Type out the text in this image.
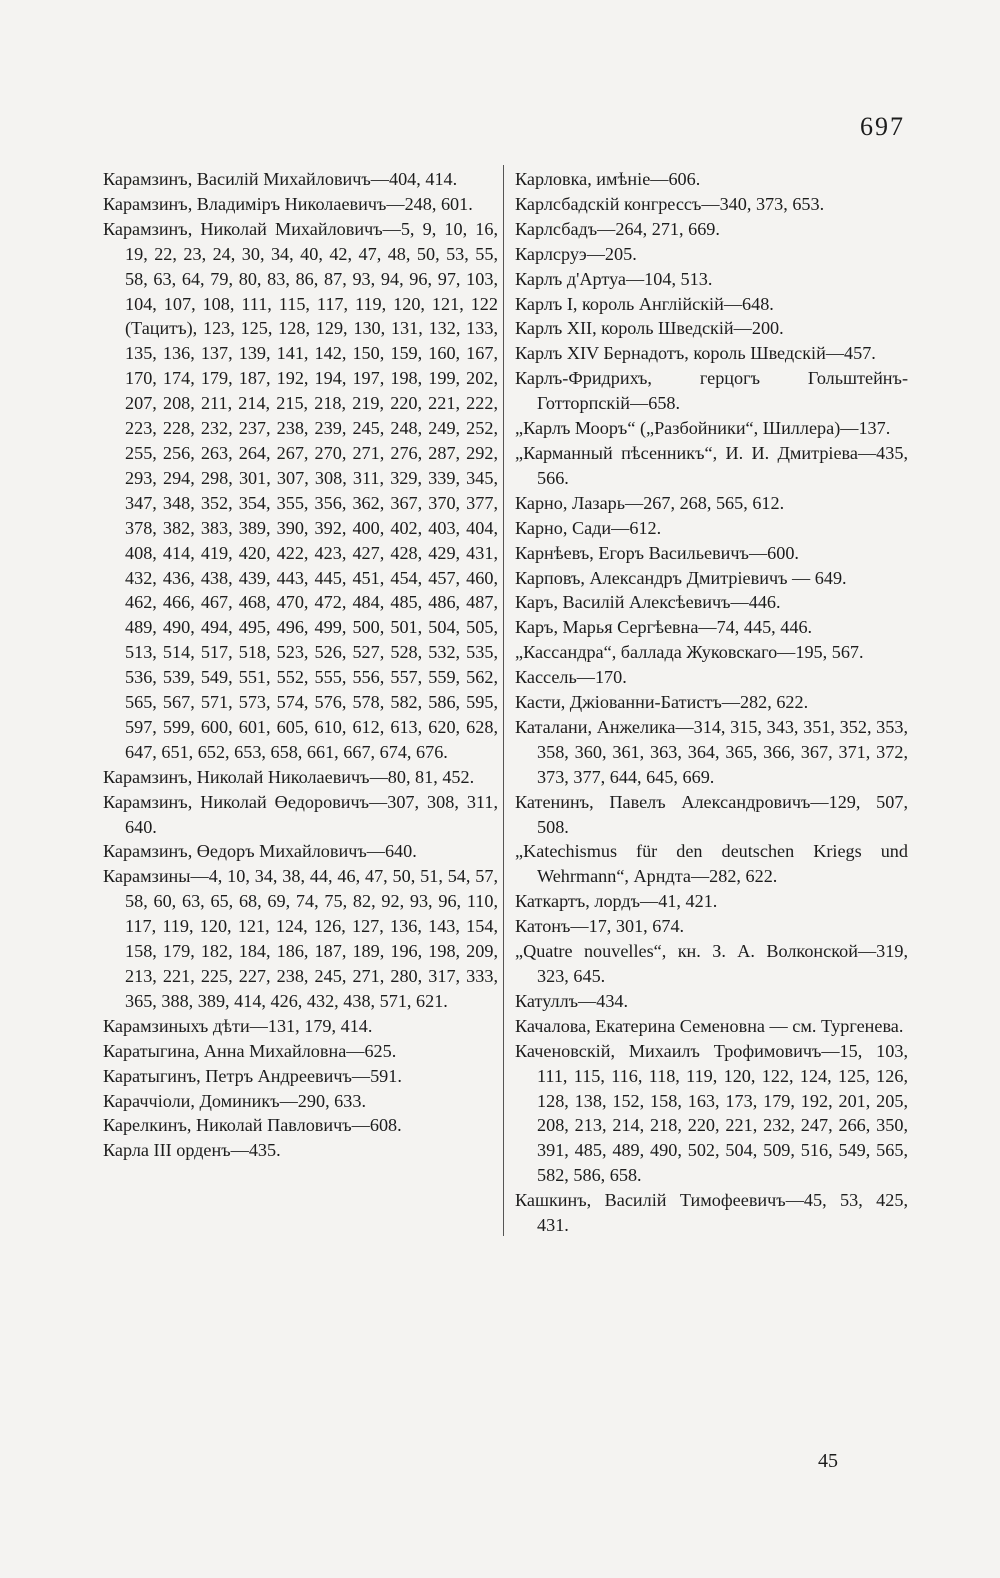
697

Карамзинъ, Василій Михайловичъ—404, 414.

Карамзинъ, Владиміръ Николаевичъ—248, 601.

Карамзинъ, Николай Михайловичъ—5, 9, 10, 16, 19, 22, 23, 24, 30, 34, 40, 42, 47, 48, 50, 53, 55, 58, 63, 64, 79, 80, 83, 86, 87, 93, 94, 96, 97, 103, 104, 107, 108, 111, 115, 117, 119, 120, 121, 122 (Тацитъ), 123, 125, 128, 129, 130, 131, 132, 133, 135, 136, 137, 139, 141, 142, 150, 159, 160, 167, 170, 174, 179, 187, 192, 194, 197, 198, 199, 202, 207, 208, 211, 214, 215, 218, 219, 220, 221, 222, 223, 228, 232, 237, 238, 239, 245, 248, 249, 252, 255, 256, 263, 264, 267, 270, 271, 276, 287, 292, 293, 294, 298, 301, 307, 308, 311, 329, 339, 345, 347, 348, 352, 354, 355, 356, 362, 367, 370, 377, 378, 382, 383, 389, 390, 392, 400, 402, 403, 404, 408, 414, 419, 420, 422, 423, 427, 428, 429, 431, 432, 436, 438, 439, 443, 445, 451, 454, 457, 460, 462, 466, 467, 468, 470, 472, 484, 485, 486, 487, 489, 490, 494, 495, 496, 499, 500, 501, 504, 505, 513, 514, 517, 518, 523, 526, 527, 528, 532, 535, 536, 539, 549, 551, 552, 555, 556, 557, 559, 562, 565, 567, 571, 573, 574, 576, 578, 582, 586, 595, 597, 599, 600, 601, 605, 610, 612, 613, 620, 628, 647, 651, 652, 653, 658, 661, 667, 674, 676.

Карамзинъ, Николай Николаевичъ—80, 81, 452.

Карамзинъ, Николай Өедоровичъ—307, 308, 311, 640.

Карамзинъ, Өедоръ Михайловичъ—640.

Карамзины—4, 10, 34, 38, 44, 46, 47, 50, 51, 54, 57, 58, 60, 63, 65, 68, 69, 74, 75, 82, 92, 93, 96, 110, 117, 119, 120, 121, 124, 126, 127, 136, 143, 154, 158, 179, 182, 184, 186, 187, 189, 196, 198, 209, 213, 221, 225, 227, 238, 245, 271, 280, 317, 333, 365, 388, 389, 414, 426, 432, 438, 571, 621.

Карамзиныхъ дѣти—131, 179, 414.

Каратыгина, Анна Михайловна—625.

Каратыгинъ, Петръ Андреевичъ—591.

Караччіоли, Доминикъ—290, 633.

Карелкинъ, Николай Павловичъ—608.

Карла III орденъ—435.

Карловка, имѣніе—606.

Карлсбадскій конгрессъ—340, 373, 653.

Карлсбадъ—264, 271, 669.

Карлсруэ—205.

Карлъ д'Артуа—104, 513.

Карлъ I, король Англійскій—648.

Карлъ XII, король Шведскій—200.

Карлъ XIV Бернадотъ, король Шведскій—457.

Карлъ-Фридрихъ, герцогъ Гольштейнъ-Готторпскій—658.

„Карлъ Мооръ“ („Разбойники“, Шиллера)—137.

„Карманный пѣсенникъ“, И. И. Дмитріева—435, 566.

Карно, Лазарь—267, 268, 565, 612.

Карно, Сади—612.

Карнѣевъ, Егоръ Васильевичъ—600.

Карповъ, Александръ Дмитріевичъ — 649.

Каръ, Василій Алексѣевичъ—446.

Каръ, Марья Сергѣевна—74, 445, 446.

„Кассандра“, баллада Жуковскаго—195, 567.

Кассель—170.

Касти, Джіованни-Батистъ—282, 622.

Каталани, Анжелика—314, 315, 343, 351, 352, 353, 358, 360, 361, 363, 364, 365, 366, 367, 371, 372, 373, 377, 644, 645, 669.

Катенинъ, Павелъ Александровичъ—129, 507, 508.

„Katechismus für den deutschen Kriegs und Wehrmann“, Арндта—282, 622.

Каткартъ, лордъ—41, 421.

Катонъ—17, 301, 674.

„Quatre nouvelles“, кн. З. А. Волконской—319, 323, 645.

Катуллъ—434.

Качалова, Екатерина Семеновна — см. Тургенева.

Каченовскій, Михаилъ Трофимовичъ—15, 103, 111, 115, 116, 118, 119, 120, 122, 124, 125, 126, 128, 138, 152, 158, 163, 173, 179, 192, 201, 205, 208, 213, 214, 218, 220, 221, 232, 247, 266, 350, 391, 485, 489, 490, 502, 504, 509, 516, 549, 565, 582, 586, 658.

Кашкинъ, Василій Тимофеевичъ—45, 53, 425, 431.

45
